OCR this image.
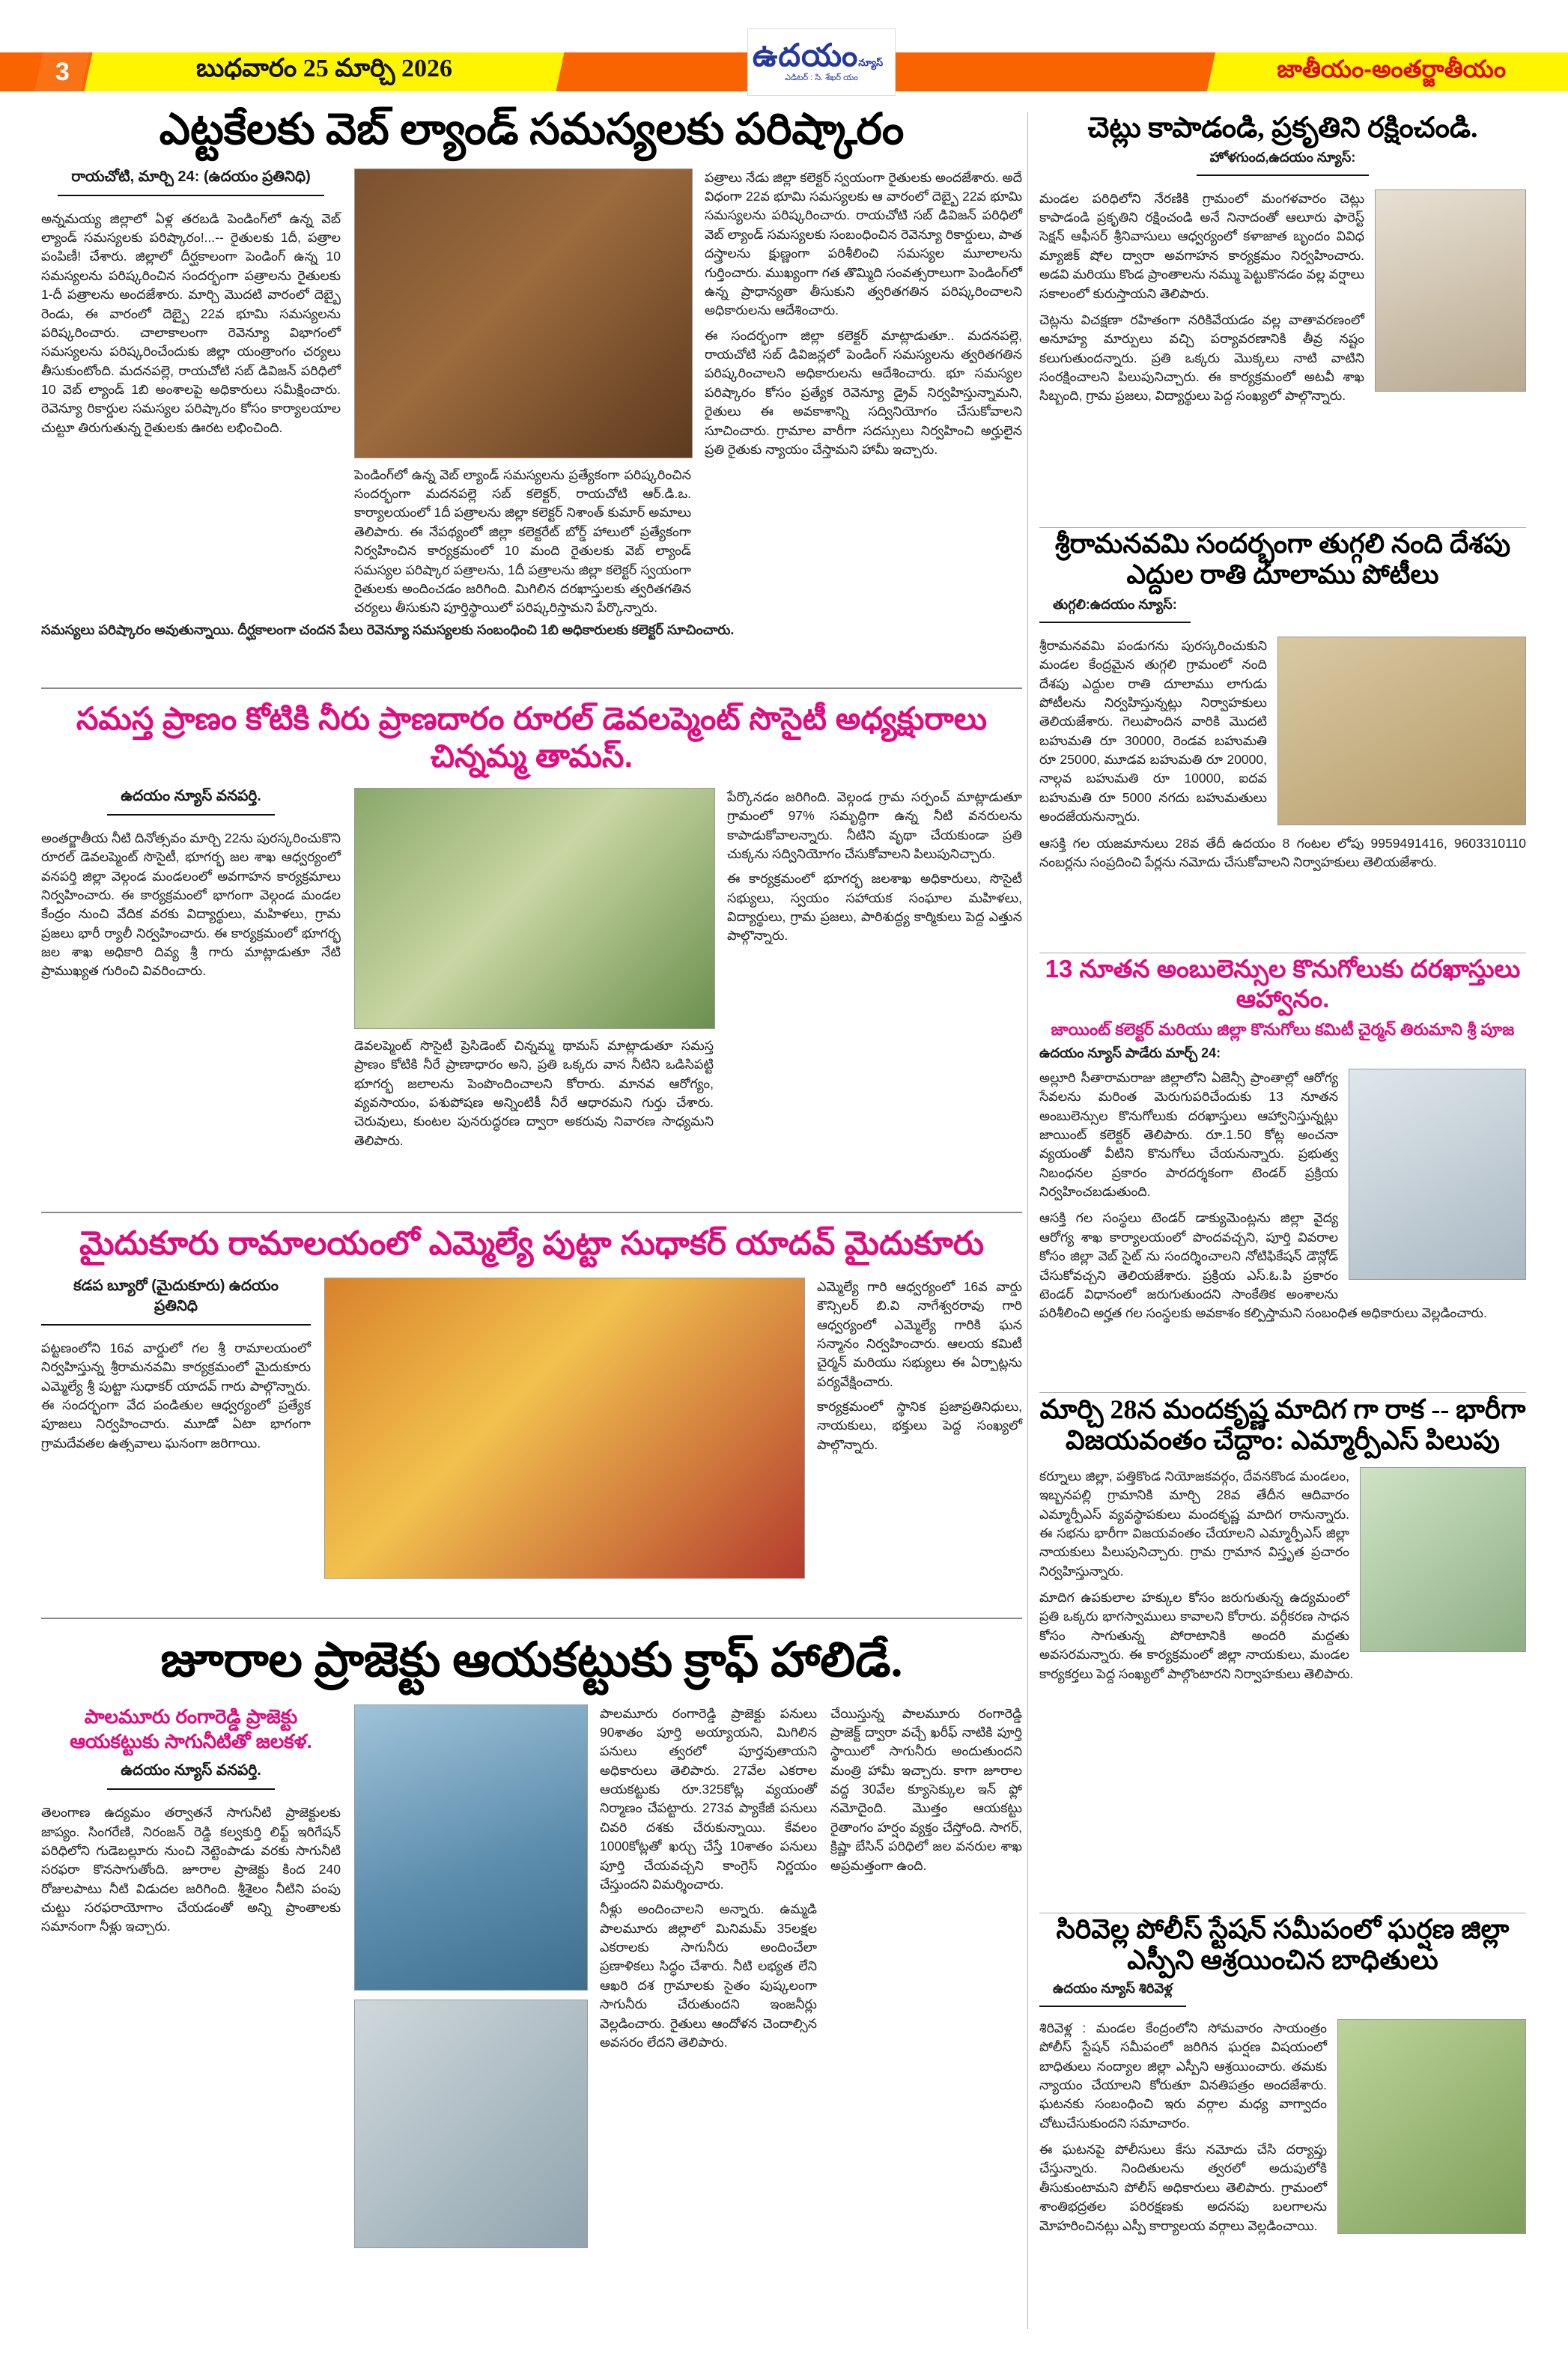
3	బుధవారం 25 మార్చి 2026	జాతీయం-అంతర్జాతీయం
ఉదయం న్యూస్
ఎడిటర్ : సి. శేఖర్ యం
ఎట్టకేలకు వెబ్ ల్యాండ్ సమస్యలకు పరిష్కారం
రాయచోటి, మార్చి 24: (ఉదయం ప్రతినిధి)
అన్నమయ్య జిల్లాలో ఏళ్ల తరబడి పెండింగ్‌లో ఉన్న వెబ్ ల్యాండ్ సమస్యలకు పరిష్కారం!...-- రైతులకు 1దీ, పత్రాల పంపిణీ! చేశారు. జిల్లాలో దీర్ఘకాలంగా పెండింగ్ ఉన్న 10 సమస్యలను పరిష్కరించిన సందర్భంగా పత్రాలను రైతులకు 1-దీ పత్రాలను అందజేశారు. మార్చి మొదటి వారంలో దెబ్బై రెండు, ఈ వారంలో దెబ్బై 22వ భూమి సమస్యలను పరిష్కరించారు. చాలాకాలంగా రెవెన్యూ విభాగంలో సమస్యలను పరిష్కరించేందుకు జిల్లా యంత్రాంగం చర్యలు తీసుకుంటోంది. మదనపల్లె, రాయచోటి సబ్ డివిజన్ పరిధిలో 10 వెబ్ ల్యాండ్ 1బి అంశాలపై అధికారులు సమీక్షించారు. రెవెన్యూ రికార్డుల సమస్యల పరిష్కారం కోసం కార్యాలయాల చుట్టూ తిరుగుతున్న రైతులకు ఊరట లభించింది.
పెండింగ్‌లో ఉన్న వెబ్ ల్యాండ్ సమస్యలను ప్రత్యేకంగా పరిష్కరించిన సందర్భంగా మదనపల్లె సబ్ కలెక్టర్, రాయచోటి ఆర్.డి.ఒ. కార్యాలయంలో 1దీ పత్రాలను జిల్లా కలెక్టర్ నిశాంత్ కుమార్ అమాలు తెలిపారు. ఈ నేపథ్యంలో జిల్లా కలెక్టరేట్ బోర్డ్ హాలులో ప్రత్యేకంగా నిర్వహించిన కార్యక్రమంలో 10 మంది రైతులకు వెబ్ ల్యాండ్ సమస్యల పరిష్కార పత్రాలను, 1దీ పత్రాలను జిల్లా కలెక్టర్ స్వయంగా రైతులకు అందించడం జరిగింది. మిగిలిన దరఖాస్తులకు త్వరితగతిన చర్యలు తీసుకుని పూర్తిస్థాయిలో పరిష్కరిస్తామని పేర్కొన్నారు.
పత్రాలు నేడు జిల్లా కలెక్టర్ స్వయంగా రైతులకు అందజేశారు. అదే విధంగా 22వ భూమి సమస్యలకు ఆ వారంలో దెబ్బై 22వ భూమి సమస్యలను పరిష్కరించారు. రాయచోటి సబ్ డివిజన్ పరిధిలో వెబ్ ల్యాండ్ సమస్యలకు సంబంధించిన రెవెన్యూ రికార్డులు, పాత దస్త్రాలను క్షుణ్ణంగా పరిశీలించి సమస్యల మూలాలను గుర్తించారు. ముఖ్యంగా గత తొమ్మిది సంవత్సరాలుగా పెండింగ్‌లో ఉన్న ప్రాధాన్యతా తీసుకుని త్వరితగతిన పరిష్కరించాలని అధికారులను ఆదేశించారు.
ఈ సందర్భంగా జిల్లా కలెక్టర్ మాట్లాడుతూ.. మదనపల్లె, రాయచోటి సబ్ డివిజన్లలో పెండింగ్ సమస్యలను త్వరితగతిన పరిష్కరించాలని అధికారులను ఆదేశించారు. భూ సమస్యల పరిష్కారం కోసం ప్రత్యేక రెవెన్యూ డ్రైవ్ నిర్వహిస్తున్నామని, రైతులు ఈ అవకాశాన్ని సద్వినియోగం చేసుకోవాలని సూచించారు. గ్రామాల వారీగా సదస్సులు నిర్వహించి అర్హులైన ప్రతి రైతుకు న్యాయం చేస్తామని హామీ ఇచ్చారు.
సమస్యలు పరిష్కారం అవుతున్నాయి. దీర్ఘకాలంగా చందన పేలు రెవెన్యూ సమస్యలకు సంబంధించి 1బి అధికారులకు కలెక్టర్ సూచించారు.
సమస్త ప్రాణం కోటికి నీరు ప్రాణదారం రూరల్ డెవలప్మెంట్ సొసైటీ అధ్యక్షురాలు చిన్నమ్మ తామస్.
ఉదయం న్యూస్ వనపర్తి.
అంతర్జాతీయ నీటి దినోత్సవం మార్చి 22ను పురస్కరించుకొని రూరల్ డెవలప్మెంట్ సొసైటీ, భూగర్భ జల శాఖ ఆధ్వర్యంలో వనపర్తి జిల్లా వెల్గండ మండలంలో అవగాహన కార్యక్రమాలు నిర్వహించారు. ఈ కార్యక్రమంలో భాగంగా వెల్గండ మండల కేంద్రం నుంచి వేదిక వరకు విద్యార్థులు, మహిళలు, గ్రామ ప్రజలు భారీ ర్యాలీ నిర్వహించారు. ఈ కార్యక్రమంలో భూగర్భ జల శాఖ అధికారి దివ్య శ్రీ గారు మాట్లాడుతూ నేటి ప్రాముఖ్యత గురించి వివరించారు.
డెవలప్మెంట్ సొసైటీ ప్రెసిడెంట్ చిన్నమ్మ థామస్ మాట్లాడుతూ సమస్త ప్రాణం కోటికి నీరే ప్రాణాధారం అని, ప్రతి ఒక్కరు వాన నీటిని ఒడిసిపట్టి భూగర్భ జలాలను పెంపొందించాలని కోరారు. మానవ ఆరోగ్యం, వ్యవసాయం, పశుపోషణ అన్నింటికీ నీరే ఆధారమని గుర్తు చేశారు. చెరువులు, కుంటల పునరుద్ధరణ ద్వారా అకరువు నివారణ సాధ్యమని తెలిపారు.
పేర్కొనడం జరిగింది. వెల్గండ గ్రామ సర్పంచ్ మాట్లాడుతూ గ్రామంలో 97% సమృద్ధిగా ఉన్న నీటి వనరులను కాపాడుకోవాలన్నారు. నీటిని వృథా చేయకుండా ప్రతి చుక్కను సద్వినియోగం చేసుకోవాలని పిలుపునిచ్చారు.
ఈ కార్యక్రమంలో భూగర్భ జలశాఖ అధికారులు, సొసైటీ సభ్యులు, స్వయం సహాయక సంఘాల మహిళలు, విద్యార్థులు, గ్రామ ప్రజలు, పారిశుద్ధ్య కార్మికులు పెద్ద ఎత్తున పాల్గొన్నారు.
మైదుకూరు రామాలయంలో ఎమ్మెల్యే పుట్టా సుధాకర్ యాదవ్ మైదుకూరు
కడప బ్యూరో (మైదుకూరు) ఉదయం ప్రతినిధి
పట్టణంలోని 16వ వార్డులో గల శ్రీ రామాలయంలో నిర్వహిస్తున్న శ్రీరామనవమి కార్యక్రమంలో మైదుకూరు ఎమ్మెల్యే శ్రీ పుట్టా సుధాకర్ యాదవ్ గారు పాల్గొన్నారు. ఈ సందర్భంగా వేద పండితుల ఆధ్వర్యంలో ప్రత్యేక పూజలు నిర్వహించారు. మూడో ఏటా భాగంగా గ్రామదేవతల ఉత్సవాలు ఘనంగా జరిగాయి.
ఎమ్మెల్యే గారి ఆధ్వర్యంలో 16వ వార్డు కౌన్సిలర్ బి.వి నాగేశ్వరరావు గారి ఆధ్వర్యంలో ఎమ్మెల్యే గారికి ఘన సన్మానం నిర్వహించారు. ఆలయ కమిటీ చైర్మన్ మరియు సభ్యులు ఈ ఏర్పాట్లను పర్యవేక్షించారు.
కార్యక్రమంలో స్థానిక ప్రజాప్రతినిధులు, నాయకులు, భక్తులు పెద్ద సంఖ్యలో పాల్గొన్నారు.
జూరాల ప్రాజెక్టు ఆయకట్టుకు క్రాఫ్ హాలిడే.
పాలమూరు రంగారెడ్డి ప్రాజెక్టు ఆయకట్టుకు సాగునీటితో జలకళ.
ఉదయం న్యూస్ వనపర్తి.
తెలంగాణ ఉద్యమం తర్వాతనే సాగునీటి ప్రాజెక్టులకు జాప్యం. సింగరేణి, నిరంజన్ రెడ్డి కల్వకుర్తి లిఫ్ట్ ఇరిగేషన్ పరిధిలోని గుడెబల్లూరు నుంచి నెట్టెంపాడు వరకు సాగునీటి సరఫరా కొనసాగుతోంది. జూరాల ప్రాజెక్టు కింద 240 రోజులపాటు నీటి విడుదల జరిగింది. శ్రీశైలం నీటిని పంపు చుట్టు సరఫరాయోగాం చేయడంతో అన్ని ప్రాంతాలకు సమానంగా నీళ్లు ఇచ్చారు.
పాలమూరు రంగారెడ్డి ప్రాజెక్టు పనులు 90శాతం పూర్తి అయ్యాయని, మిగిలిన పనులు త్వరలో పూర్తవుతాయని అధికారులు తెలిపారు. 27వేల ఎకరాల ఆయకట్టుకు రూ.325కోట్ల వ్యయంతో నిర్మాణం చేపట్టారు. 273వ ప్యాకేజీ పనులు చివరి దశకు చేరుకున్నాయి. కేవలం 1000కోట్లతో ఖర్చు చేస్తే 10శాతం పనులు పూర్తి చేయవచ్చని కాంగ్రెస్ నిర్ణయం చేస్తుందని విమర్శించారు.
నీళ్లు అందించాలని అన్నారు. ఉమ్మడి పాలమూరు జిల్లాలో మినిమమ్ 35లక్షల ఎకరాలకు సాగునీరు అందించేలా ప్రణాళికలు సిద్ధం చేశారు. నీటి లభ్యత లేని ఆఖరి దశ గ్రామాలకు సైతం పుష్కలంగా సాగునీరు చేరుతుందని ఇంజనీర్లు వెల్లడించారు. రైతులు ఆందోళన చెందాల్సిన అవసరం లేదని తెలిపారు.
చేయిస్తున్న పాలమూరు రంగారెడ్డి ప్రాజెక్ట్ ద్వారా వచ్చే ఖరీఫ్ నాటికి పూర్తి స్థాయిలో సాగునీరు అందుతుందని మంత్రి హామీ ఇచ్చారు. కాగా జూరాల వద్ద 30వేల క్యూసెక్కుల ఇన్ ఫ్లో నమోదైంది. మొత్తం ఆయకట్టు రైతాంగం హర్షం వ్యక్తం చేస్తోంది. సాగర్, క్రిష్ణా బేసిన్ పరిధిలో జల వనరుల శాఖ అప్రమత్తంగా ఉంది.
చెట్లు కాపాడండి, ప్రకృతిని రక్షించండి.
హోళగుంద,ఉదయం న్యూస్:

మండల పరిధిలోని నేరణికి గ్రామంలో మంగళవారం చెట్లు కాపాడండి ప్రకృతిని రక్షించండి అనే నినాదంతో ఆలూరు ఫారెస్ట్ సెక్షన్ ఆఫీసర్ శ్రీనివాసులు ఆధ్వర్యంలో కళాజాత బృందం వివిధ మ్యాజిక్ షోల ద్వారా అవగాహన కార్యక్రమం నిర్వహించారు. అడవి మరియు కొండ ప్రాంతాలను నమ్ము పెట్టుకొనడం వల్ల వర్షాలు సకాలంలో కురుస్తాయని తెలిపారు.

చెట్లను విచక్షణా రహితంగా నరికివేయడం వల్ల వాతావరణంలో అనూహ్య మార్పులు వచ్చి పర్యావరణానికి తీవ్ర నష్టం కలుగుతుందన్నారు. ప్రతి ఒక్కరు మొక్కలు నాటి వాటిని సంరక్షించాలని పిలుపునిచ్చారు. ఈ కార్యక్రమంలో అటవీ శాఖ సిబ్బంది, గ్రామ ప్రజలు, విద్యార్థులు పెద్ద సంఖ్యలో పాల్గొన్నారు.

శ్రీరామనవమి సందర్భంగా తుగ్గలి నంది దేశపు ఎద్దుల రాతి దూలాము పోటీలు
తుగ్గలి:ఉదయం న్యూస్:

శ్రీరామనవమి పండుగను పురస్కరించుకుని మండల కేంద్రమైన తుగ్గలి గ్రామంలో నంది దేశపు ఎద్దుల రాతి దూలాము లాగుడు పోటీలను నిర్వహిస్తున్నట్లు నిర్వాహకులు తెలియజేశారు. గెలుపొందిన వారికి మొదటి బహుమతి రూ 30000, రెండవ బహుమతి రూ 25000, మూడవ బహుమతి రూ 20000, నాల్గవ బహుమతి రూ 10000, ఐదవ బహుమతి రూ 5000 నగదు బహుమతులు అందజేయనున్నారు.

ఆసక్తి గల యజమానులు 28వ తేదీ ఉదయం 8 గంటల లోపు 9959491416, 9603310110 నంబర్లను సంప్రదించి పేర్లను నమోదు చేసుకోవాలని నిర్వాహకులు తెలియజేశారు.

13 నూతన అంబులెన్సుల కొనుగోలుకు దరఖాస్తులు ఆహ్వానం.
జాయింట్ కలెక్టర్ మరియు జిల్లా కొనుగోలు కమిటీ చైర్మన్ తిరుమాని శ్రీ పూజ
ఉదయం న్యూస్ పాడేరు మార్చ్ 24:

అల్లూరి సీతారామరాజు జిల్లాలోని ఏజెన్సీ ప్రాంతాల్లో ఆరోగ్య సేవలను మరింత మెరుగుపరిచేందుకు 13 నూతన అంబులెన్సుల కొనుగోలుకు దరఖాస్తులు ఆహ్వానిస్తున్నట్లు జాయింట్ కలెక్టర్ తెలిపారు. రూ.1.50 కోట్ల అంచనా వ్యయంతో వీటిని కొనుగోలు చేయనున్నారు. ప్రభుత్వ నిబంధనల ప్రకారం పారదర్శకంగా టెండర్ ప్రక్రియ నిర్వహించబడుతుంది.

ఆసక్తి గల సంస్థలు టెండర్ డాక్యుమెంట్లను జిల్లా వైద్య ఆరోగ్య శాఖ కార్యాలయంలో పొందవచ్చని, పూర్తి వివరాల కోసం జిల్లా వెబ్ సైట్ ను సందర్శించాలని నోటిఫికేషన్ డౌన్లోడ్ చేసుకోవచ్చని తెలియజేశారు. ప్రక్రియ ఎస్.ఓ.పి ప్రకారం టెండర్ విధానంలో జరుగుతుందని సాంకేతిక అంశాలను పరిశీలించి అర్హత గల సంస్థలకు అవకాశం కల్పిస్తామని సంబంధిత అధికారులు వెల్లడించారు.

మార్చి 28న మందకృష్ణ మాదిగ గా రాక -- భారీగా విజయవంతం చేద్దాం: ఎమ్మార్పీఎస్ పిలుపు

కర్నూలు జిల్లా, పత్తికొండ నియోజకవర్గం, దేవనకొండ మండలం, ఇబ్బనపల్లి గ్రామానికి మార్చి 28వ తేదీన ఆదివారం ఎమ్మార్పీఎస్ వ్యవస్థాపకులు మందకృష్ణ మాదిగ రానున్నారు. ఈ సభను భారీగా విజయవంతం చేయాలని ఎమ్మార్పీఎస్ జిల్లా నాయకులు పిలుపునిచ్చారు. గ్రామ గ్రామాన విస్తృత ప్రచారం నిర్వహిస్తున్నారు.

మాదిగ ఉపకులాల హక్కుల కోసం జరుగుతున్న ఉద్యమంలో ప్రతి ఒక్కరు భాగస్వాములు కావాలని కోరారు. వర్గీకరణ సాధన కోసం సాగుతున్న పోరాటానికి అందరి మద్దతు అవసరమన్నారు. ఈ కార్యక్రమంలో జిల్లా నాయకులు, మండల కార్యకర్తలు పెద్ద సంఖ్యలో పాల్గొంటారని నిర్వాహకులు తెలిపారు.

సిరివెల్ల పోలీస్ స్టేషన్ సమీపంలో ఘర్షణ జిల్లా ఎస్పీని ఆశ్రయించిన బాధితులు
ఉదయం న్యూస్ శిరివెళ్ల

శిరివెళ్ల : మండల కేంద్రంలోని సోమవారం సాయంత్రం పోలీస్ స్టేషన్ సమీపంలో జరిగిన ఘర్షణ విషయంలో బాధితులు నంద్యాల జిల్లా ఎస్పీని ఆశ్రయించారు. తమకు న్యాయం చేయాలని కోరుతూ వినతిపత్రం అందజేశారు. ఘటనకు సంబంధించి ఇరు వర్గాల మధ్య వాగ్వాదం చోటుచేసుకుందని సమాచారం.

ఈ ఘటనపై పోలీసులు కేసు నమోదు చేసి దర్యాప్తు చేస్తున్నారు. నిందితులను త్వరలో అదుపులోకి తీసుకుంటామని పోలీస్ అధికారులు తెలిపారు. గ్రామంలో శాంతిభద్రతల పరిరక్షణకు అదనపు బలగాలను మోహరించినట్లు ఎస్పీ కార్యాలయ వర్గాలు వెల్లడించాయి.
